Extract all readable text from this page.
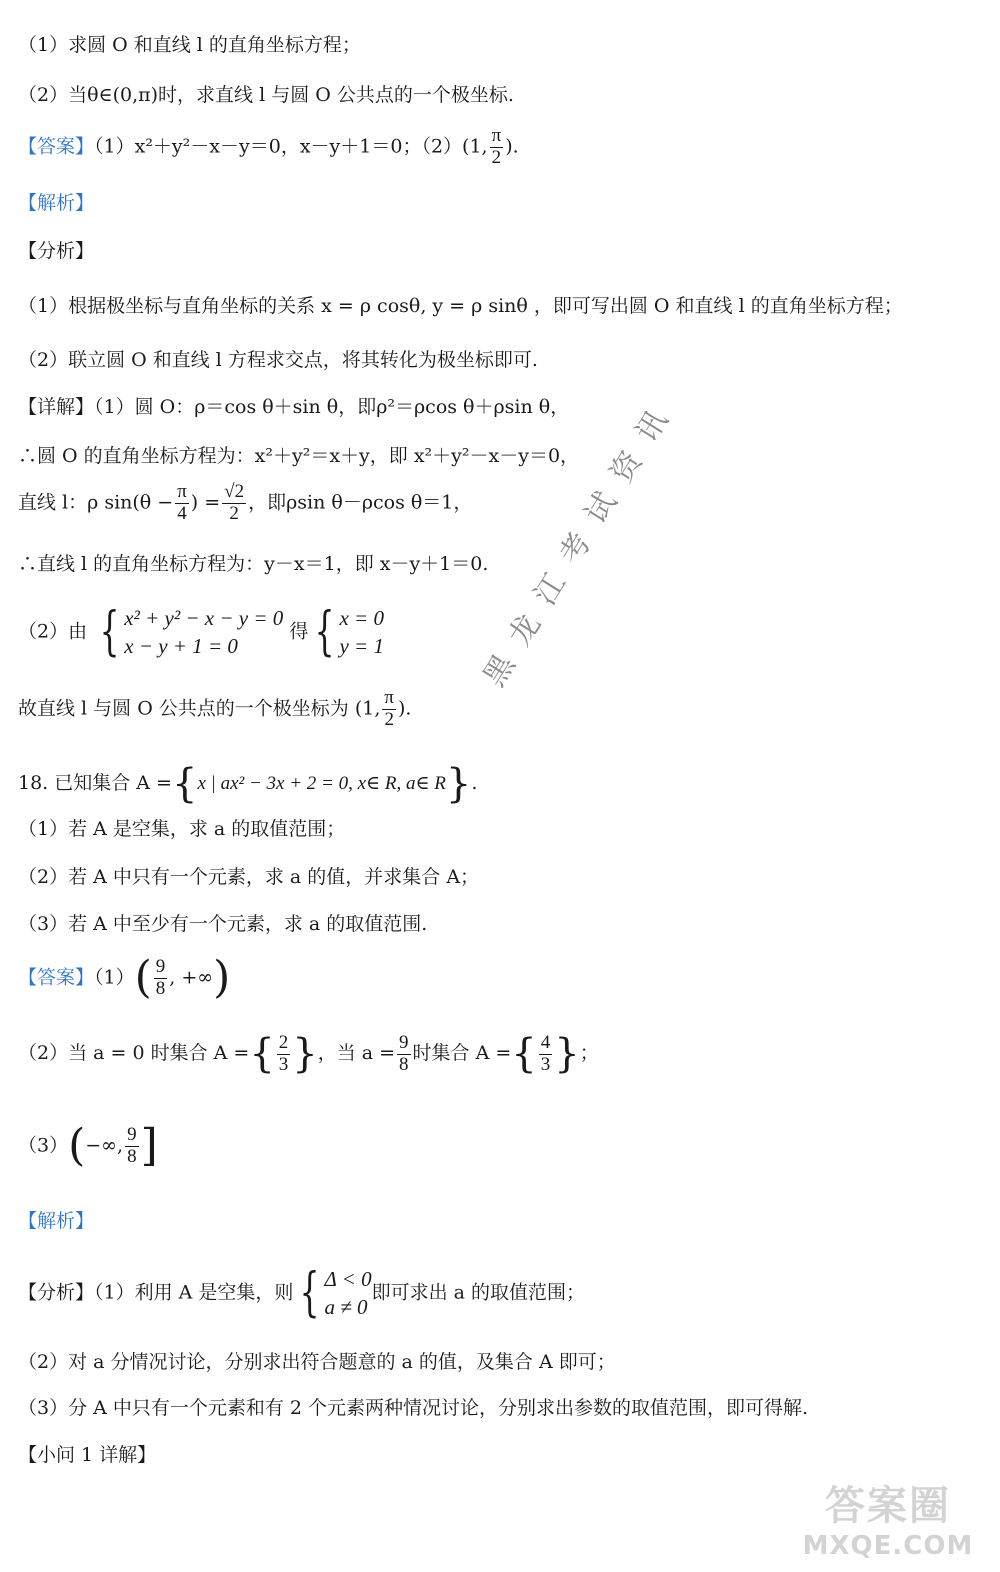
（1）求圆 O 和直线 l 的直角坐标方程；
（2）当θ∈(0,π)时，求直线 l 与圆 O 公共点的一个极坐标.
【答案】（1）x²＋y²－x－y＝0，x－y＋1＝0；（2）(1, $\frac{\pi}{2}$ ).
【解析】
【分析】
（1）根据极坐标与直角坐标的关系 x = ρ cosθ, y = ρ sinθ ，即可写出圆 O 和直线 l 的直角坐标方程；
（2）联立圆 O 和直线 l 方程求交点，将其转化为极坐标即可.
【详解】（1）圆 O：ρ＝cos θ＋sin θ，即ρ²＝ρcos θ＋ρsin θ，
∴圆 O 的直角坐标方程为：x²＋y²＝x＋y，即 x²＋y²－x－y＝0，
直线 l：ρ $\sin(\theta - \frac{\pi}{4}$ ) = $\frac{√2}{2}$ ，即ρsin θ－ρcos θ＝1，
∴直线 l 的直角坐标方程为：y－x＝1，即 x－y＋1＝0.
（2）由 { x² + y² − x − y = 0
x − y + 1 = 0
得 { x = 0
y = 1
故直线 l 与圆 O 公共点的一个极坐标为 (1, $\frac{\pi}{2}$ ).
18. 已知集合 A ={x | ax² − 3x + 2 = 0, x∈ R, a∈ R}.
（1）若 A 是空集，求 a 的取值范围；
（2）若 A 中只有一个元素，求 a 的值，并求集合 A；
（3）若 A 中至少有一个元素，求 a 的取值范围.
【答案】$(1)( \frac{9}{8}$ , +∞)
（2）当 a = 0 时集合 A ={ $\frac{2}{3}$ }，当 $a = \frac{9}{8}$ 时集合 A ={ $\frac{4}{3}$ }；
（3）(−∞, $\frac{9}{8}$ ]
【解析】
【分析】（1）利用 A 是空集，则 { Δ < 0
a ≠ 0
即可求出 a 的取值范围；
（2）对 a 分情况讨论，分别求出符合题意的 a 的值，及集合 A 即可；
（3）分 A 中只有一个元素和有 2 个元素两种情况讨论，分别求出参数的取值范围，即可得解.
【小问 1 详解】
黑龙江考试资讯
答案圈
MXQE.COM
